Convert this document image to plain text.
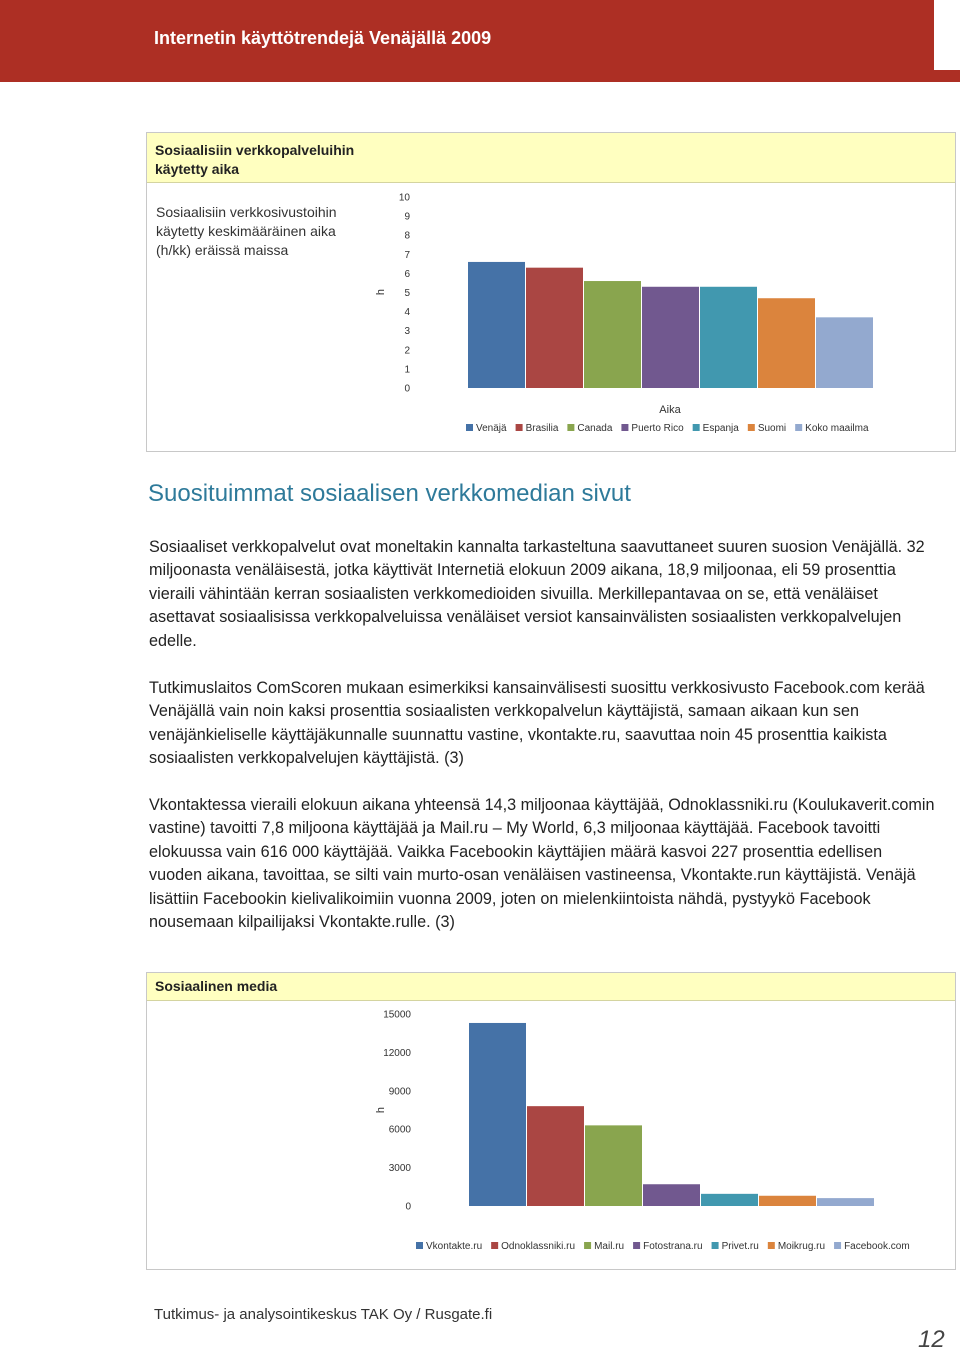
Internetin käyttötrendejä Venäjällä 2009
Sosiaalisiin verkkopalveluihin
käytetty aika
Sosiaalisiin verkkosivustoihin
käytetty keskimääräinen aika
(h/kk) eräissä maissa
0
1
2
3
4
5
6
7
8
9
10
h
Aika
Venäjä Brasilia Canada Puerto Rico Espanja Suomi Koko maailma
Suosituimmat sosiaalisen verkkomedian sivut

Sosiaaliset verkkopalvelut ovat moneltakin kannalta tarkasteltuna saavuttaneet suuren suosion Venäjällä. 32 miljoonasta venäläisestä, jotka käyttivät Internetiä elokuun 2009 aikana, 18,9 miljoonaa, eli 59 prosenttia vieraili vähintään kerran sosiaalisten verkkomedioiden sivuilla. Merkillepantavaa on se, että venäläiset asettavat sosiaalisissa verkkopalveluissa venäläiset versiot kansainvälisten sosiaalisten verkkopalvelujen edelle.

Tutkimuslaitos ComScoren mukaan esimerkiksi kansainvälisesti suosittu verkkosivusto Facebook.com kerää Venäjällä vain noin kaksi prosenttia sosiaalisten verkkopalvelun käyttäjistä, samaan aikaan kun sen venäjänkieliselle käyttäjäkunnalle suunnattu vastine, vkontakte.ru, saavuttaa noin 45 prosenttia kaikista sosiaalisten verkkopalvelujen käyttäjistä. (3)

Vkontaktessa vieraili elokuun aikana yhteensä 14,3 miljoonaa käyttäjää, Odnoklassniki.ru (Koulukaverit.comin vastine) tavoitti 7,8 miljoona käyttäjää ja Mail.ru – My World, 6,3 miljoonaa käyttäjää. Facebook tavoitti elokuussa vain 616 000 käyttäjää. Vaikka Facebookin käyttäjien määrä kasvoi 227 prosenttia edellisen vuoden aikana, tavoittaa, se silti vain murto-osan venäläisen vastineensa, Vkontakte.run käyttäjistä. Venäjä lisättiin Facebookin kielivalikoimiin vuonna 2009, joten on mielenkiintoista nähdä, pystyykö Facebook nousemaan kilpailijaksi Vkontakte.rulle. (3)

Sosiaalinen media
0
3000
6000
9000
12000
15000
h
Vkontakte.ru Odnoklassniki.ru Mail.ru Fotostrana.ru Privet.ru Moikrug.ru Facebook.com
Tutkimus- ja analysointikeskus TAK Oy / Rusgate.fi
12
